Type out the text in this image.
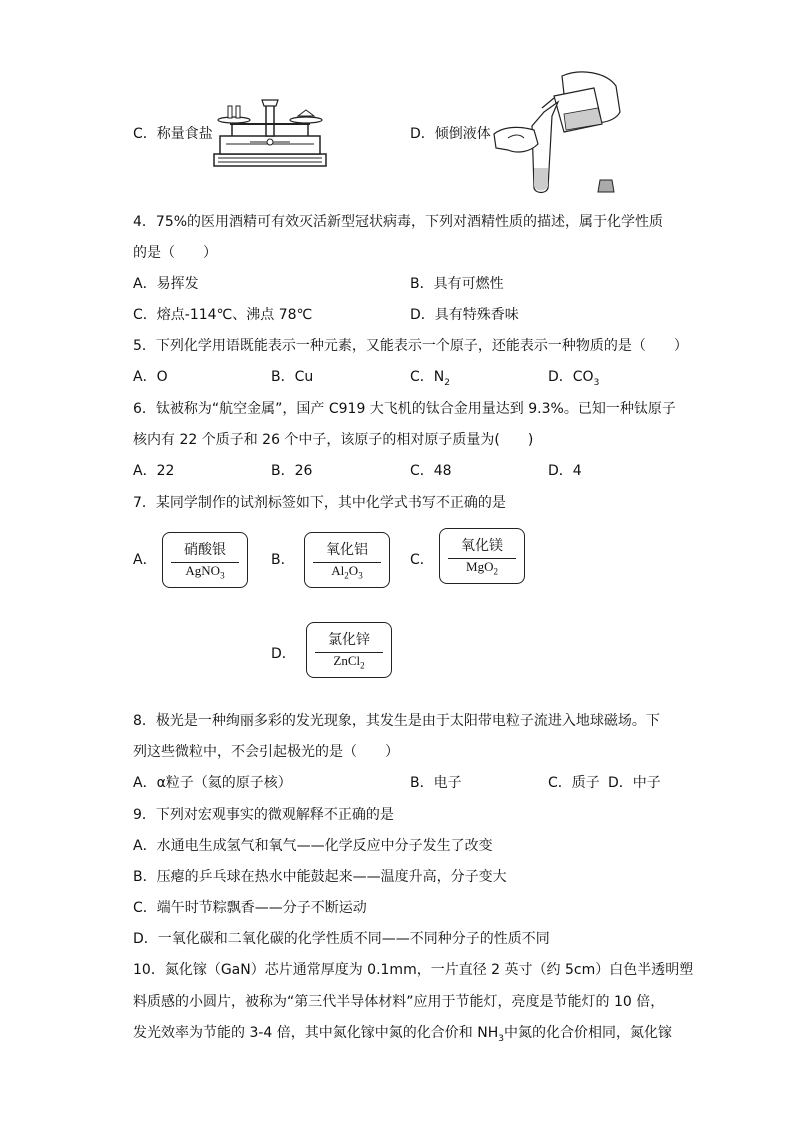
C．称量食盐	D．倾倒液体
4．75%的医用酒精可有效灭活新型冠状病毒，下列对酒精性质的描述，属于化学性质
的是（　　）
A．易挥发	B．具有可燃性
C．熔点-114℃、沸点 78℃	D．具有特殊香味
5．下列化学用语既能表示一种元素，又能表示一个原子，还能表示一种物质的是（　　）
A．O	B．Cu	C．$N_2$	D．$CO_3$
6．钛被称为“航空金属”，国产 C919 大飞机的钛合金用量达到 9.3%。已知一种钛原子
核内有 22 个质子和 26 个中子，该原子的相对原子质量为(　　)
A．22	B．26	C．48	D．4
7．某同学制作的试剂标签如下，其中化学式书写不正确的是
A．
硝酸银
AgNO$_3$
B．
氧化铝
$Al_2O_3$
C．
氧化镁
MgO$_2$
D．
氯化锌
ZnCl$_2$
8．极光是一种绚丽多彩的发光现象，其发生是由于太阳带电粒子流进入地球磁场。下
列这些微粒中，不会引起极光的是（　　）
A．α粒子（氦的原子核）	B．电子	C．质子 D．中子
9．下列对宏观事实的微观解释不正确的是
A．水通电生成氢气和氧气——化学反应中分子发生了改变
B．压瘪的乒乓球在热水中能鼓起来——温度升高，分子变大
C．端午时节粽飘香——分子不断运动
D．一氧化碳和二氧化碳的化学性质不同——不同种分子的性质不同
10．氮化镓（GaN）芯片通常厚度为 0.1mm，一片直径 2 英寸（约 5cm）白色半透明塑
料质感的小圆片，被称为“第三代半导体材料”应用于节能灯，亮度是节能灯的 10 倍，
发光效率为节能的 3-4 倍，其中氮化镓中氮的化合价和 $NH_3$中氮的化合价相同，氮化镓
